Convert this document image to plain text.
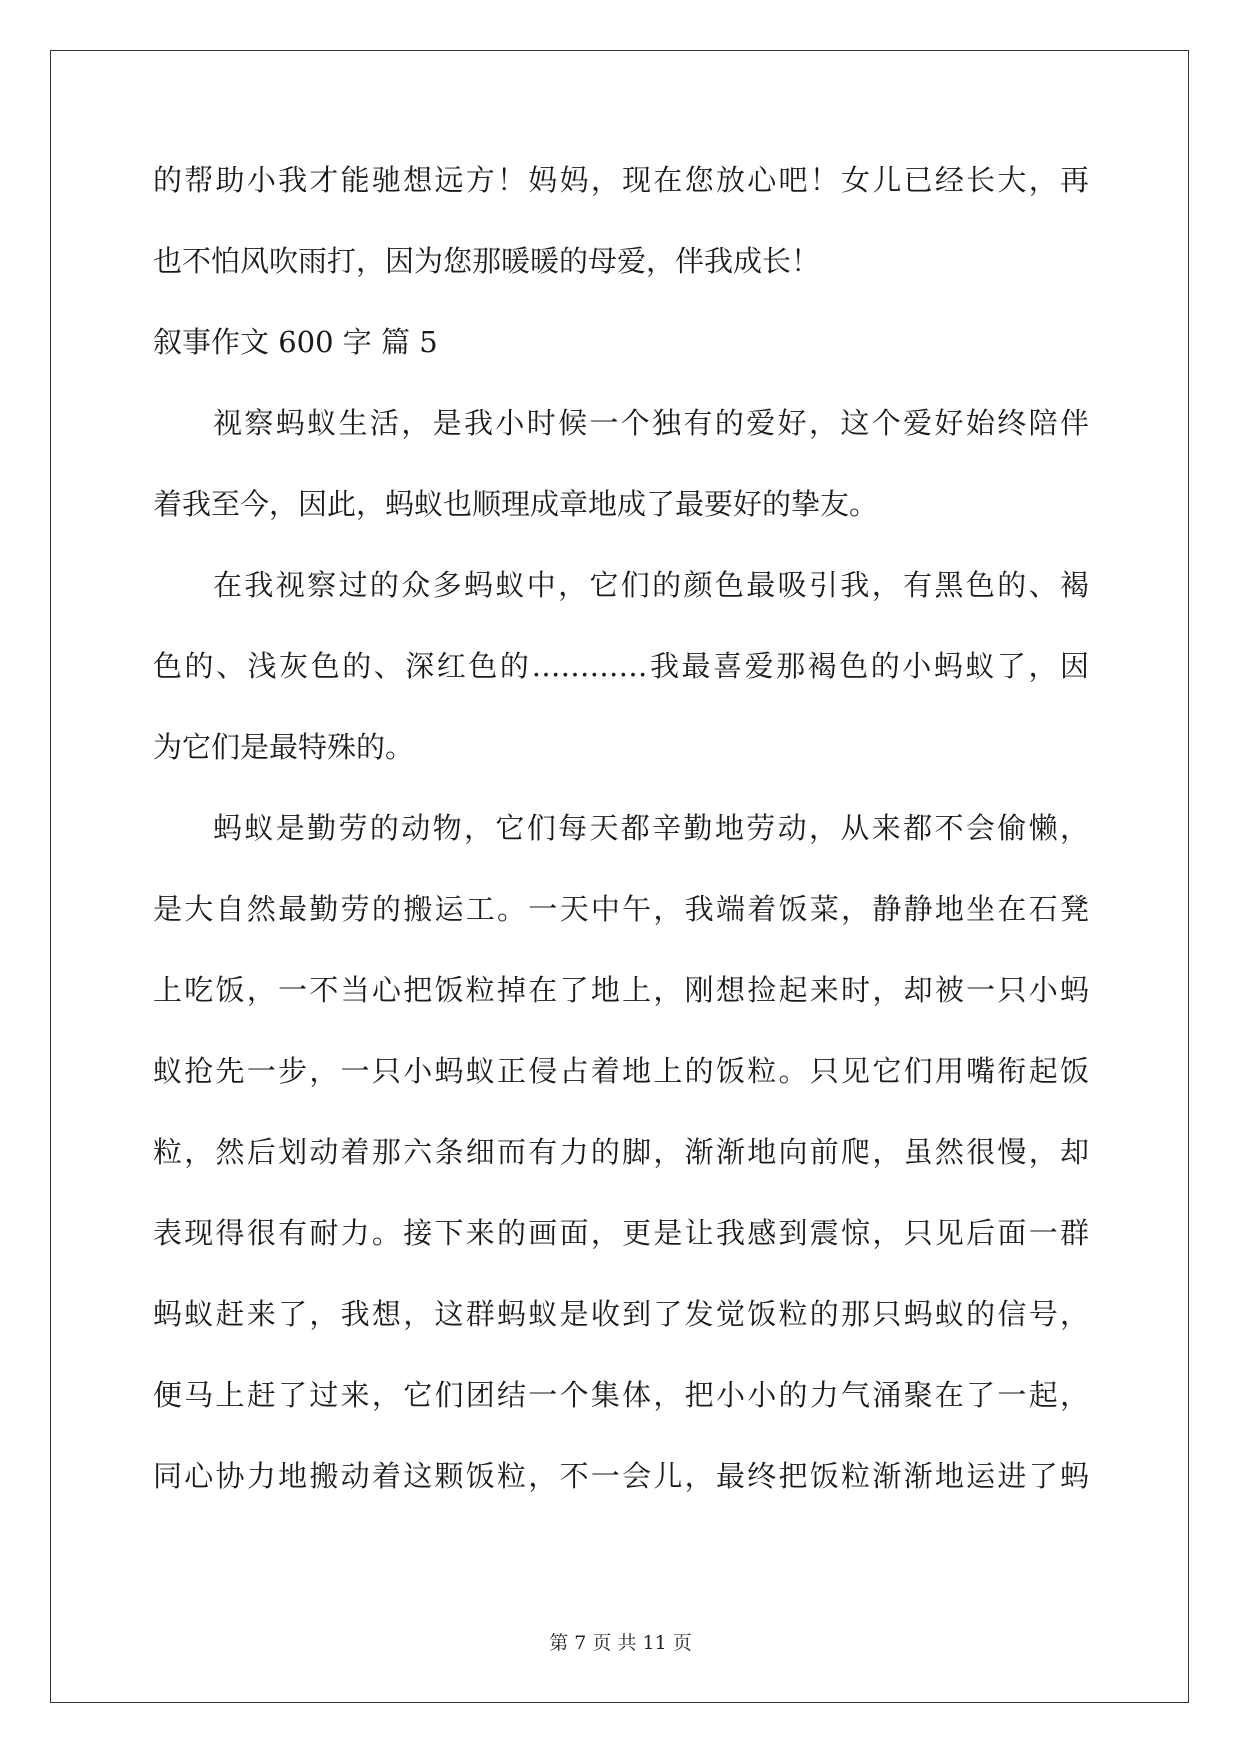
的帮助小我才能驰想远方！妈妈，现在您放心吧！女儿已经长大，再
也不怕风吹雨打，因为您那暖暖的母爱，伴我成长！
叙事作文 600 字 篇 5
视察蚂蚁生活，是我小时候一个独有的爱好，这个爱好始终陪伴
着我至今，因此，蚂蚁也顺理成章地成了最要好的挚友。
在我视察过的众多蚂蚁中，它们的颜色最吸引我，有黑色的、褐
色的、浅灰色的、深红色的…………我最喜爱那褐色的小蚂蚁了，因
为它们是最特殊的。
蚂蚁是勤劳的动物，它们每天都辛勤地劳动，从来都不会偷懒，
是大自然最勤劳的搬运工。一天中午，我端着饭菜，静静地坐在石凳
上吃饭，一不当心把饭粒掉在了地上，刚想捡起来时，却被一只小蚂
蚁抢先一步，一只小蚂蚁正侵占着地上的饭粒。只见它们用嘴衔起饭
粒，然后划动着那六条细而有力的脚，渐渐地向前爬，虽然很慢，却
表现得很有耐力。接下来的画面，更是让我感到震惊，只见后面一群
蚂蚁赶来了，我想，这群蚂蚁是收到了发觉饭粒的那只蚂蚁的信号，
便马上赶了过来，它们团结一个集体，把小小的力气涌聚在了一起，
同心协力地搬动着这颗饭粒，不一会儿，最终把饭粒渐渐地运进了蚂
第 7 页 共 11 页
